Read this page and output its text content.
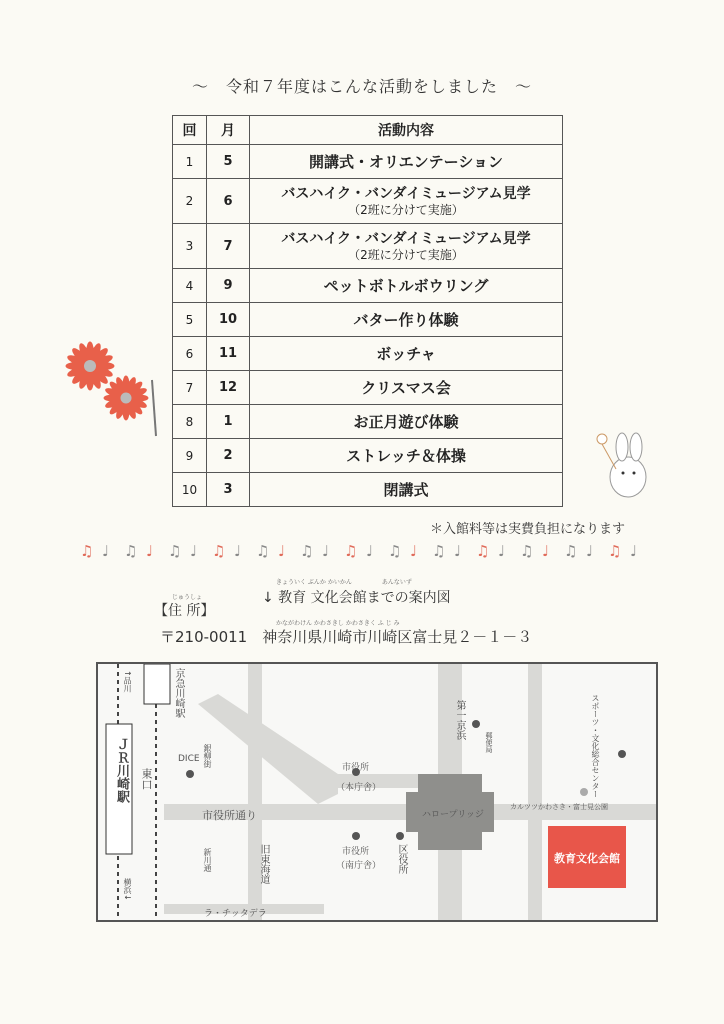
～　令和７年度はこんな活動をしました　～
回	月	活動内容
1	5	開講式・オリエンテーション
2	6	バスハイク・バンダイミュージアム見学
（2班に分けて実施）

3	7	バスハイク・バンダイミュージアム見学
（2班に分けて実施）

4	9	ペットボトルボウリング
5	10	バター作り体験
6	11	ボッチャ
7	12	クリスマス会
8	1	お正月遊び体験
9	2	ストレッチ＆体操
10	3	閉講式
＊入館料等は実費負担になります
♫ ♩ ♫ ♩ ♫ ♩ ♫ ♩ ♫ ♩ ♫ ♩ ♫ ♩ ♫ ♩ ♫ ♩ ♫ ♩ ♫ ♩ ♫ ♩ ♫ ♩
きょういく ぶんか かいかん　　　　　あんないず
↓ 教育 文化会館までの案内図
じゅうしょ
【住 所】
かながわけん かわさきし かわさきく ふ じ み
〒210-0011　神奈川県川崎市川崎区富士見２－１－３
ＪＲ川崎駅
京急川崎駅
東口
↑品川
横浜↓
DICE 銀柳街	市役所
（本庁舎）
市役所通り	ハロープリッジ
第一京浜
郵便局	スポーツ・文化総合センター
カルツツかわさき・富士見公園
市役所
（南庁舎） 区役所
旧東海道
新川通
ラ・チッタデラ
教育文化会館
